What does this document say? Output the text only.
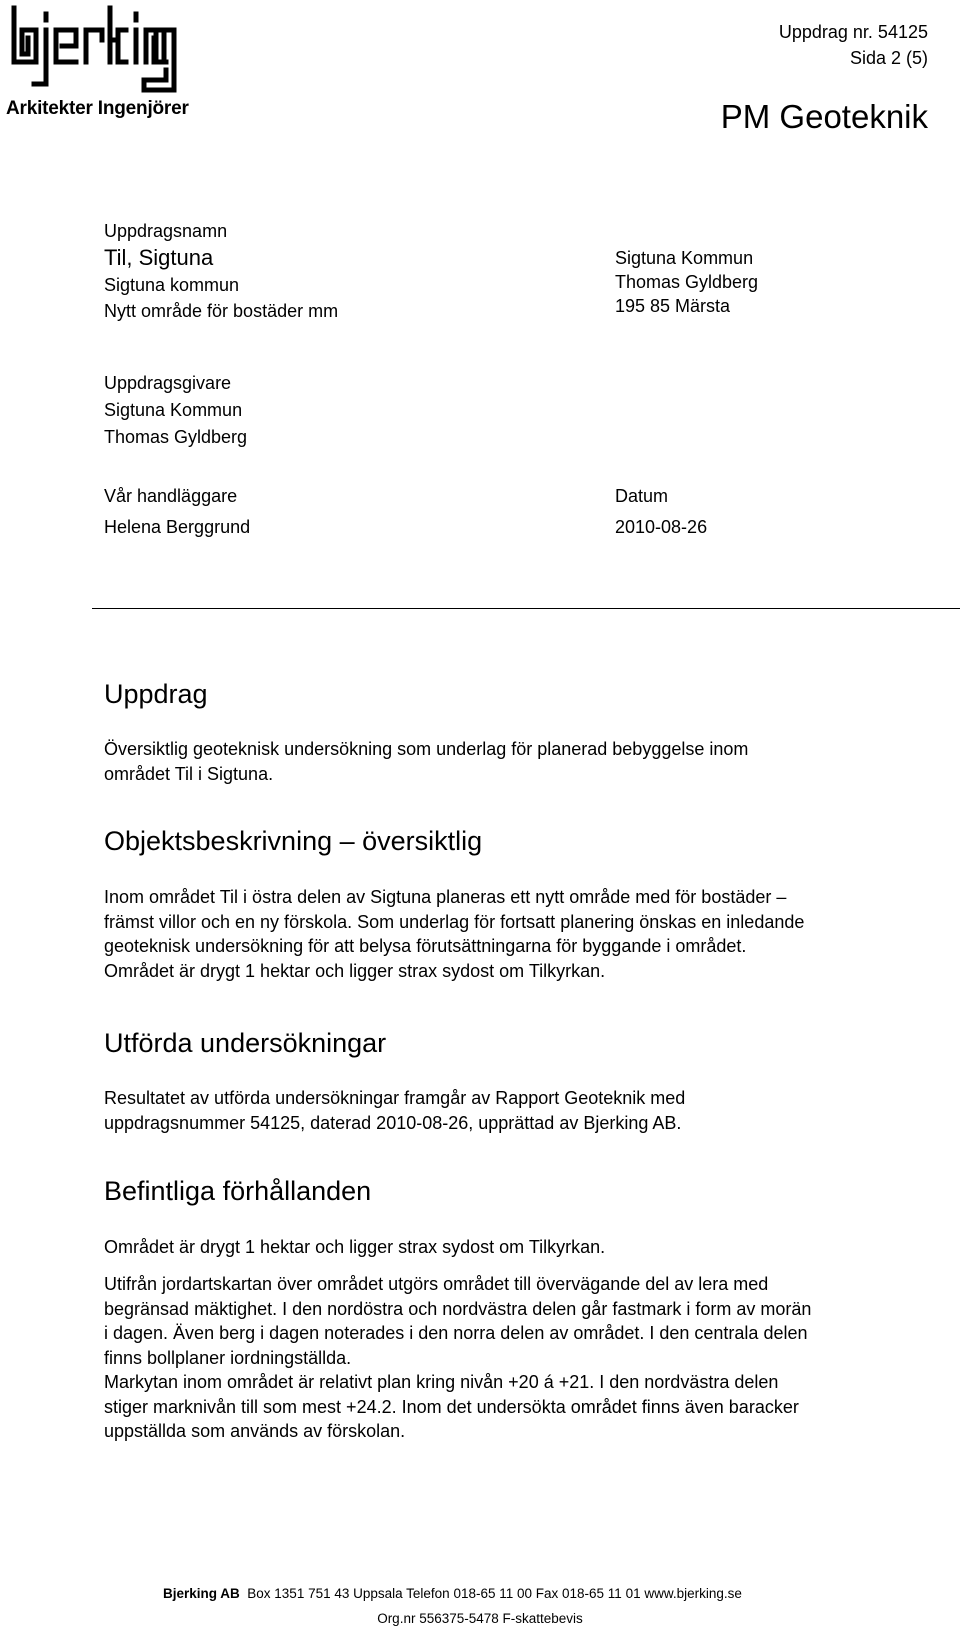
Arkitekter Ingenjörer
Uppdrag nr. 54125
Sida 2 (5)
PM Geoteknik
Uppdragsnamn
Til, Sigtuna
Sigtuna kommun
Nytt område för bostäder mm
Sigtuna Kommun
Thomas Gyldberg
195 85 Märsta
Uppdragsgivare
Sigtuna Kommun
Thomas Gyldberg
Vår handläggare
Helena Berggrund
Datum
2010-08-26
Uppdrag
Översiktlig geoteknisk undersökning som underlag för planerad bebyggelse inom
området Til i Sigtuna.
Objektsbeskrivning – översiktlig
Inom området Til i östra delen av Sigtuna planeras ett nytt område med för bostäder –
främst villor och en ny förskola. Som underlag för fortsatt planering önskas en inledande
geoteknisk undersökning för att belysa förutsättningarna för byggande i området.
Området är drygt 1 hektar och ligger strax sydost om Tilkyrkan.
Utförda undersökningar
Resultatet av utförda undersökningar framgår av Rapport Geoteknik med
uppdragsnummer 54125, daterad 2010-08-26, upprättad av Bjerking AB.
Befintliga förhållanden
Området är drygt 1 hektar och ligger strax sydost om Tilkyrkan.
Utifrån jordartskartan över området utgörs området till övervägande del av lera med
begränsad mäktighet. I den nordöstra och nordvästra delen går fastmark i form av morän
i dagen. Även berg i dagen noterades i den norra delen av området. I den centrala delen
finns bollplaner iordningställda.
Markytan inom området är relativt plan kring nivån +20 á +21. I den nordvästra delen
stiger marknivån till som mest +24.2. Inom det undersökta området finns även baracker
uppställda som används av förskolan.
Bjerking AB Box 1351 751 43 Uppsala Telefon 018-65 11 00 Fax 018-65 11 01 www.bjerking.se
Org.nr 556375-5478 F-skattebevis
